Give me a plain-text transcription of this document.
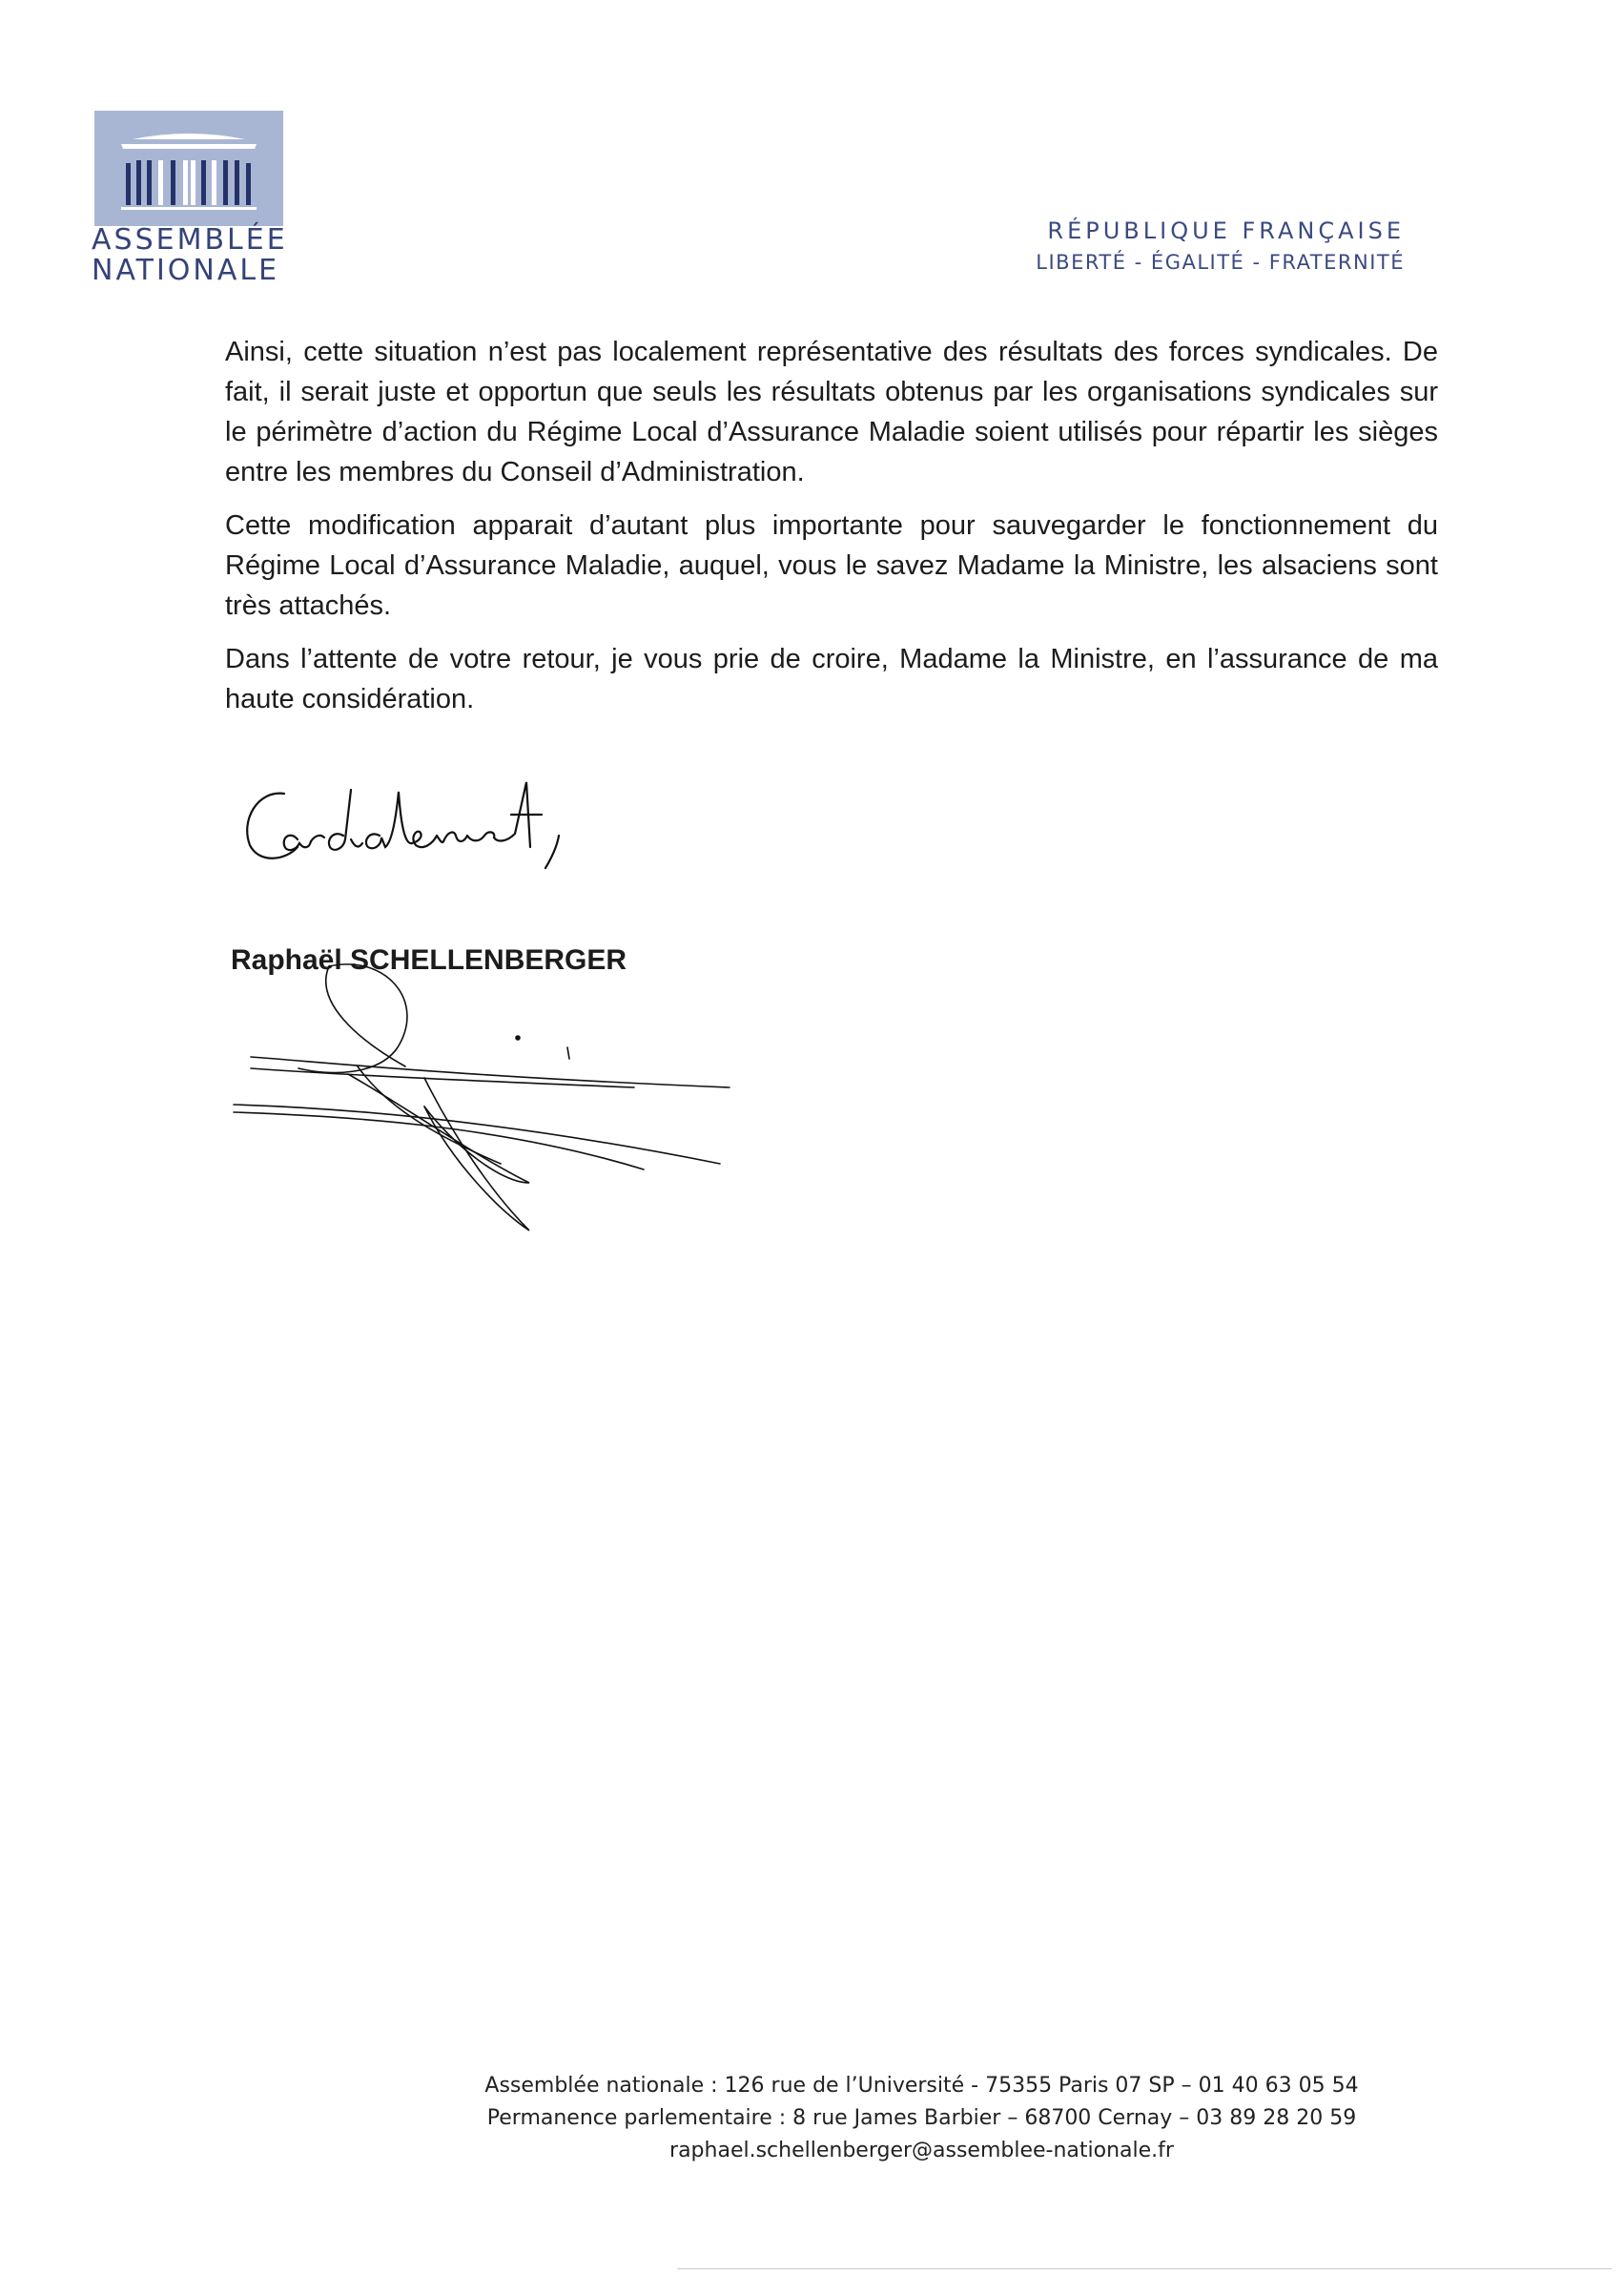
ASSEMBLÉE
NATIONALE
RÉPUBLIQUE FRANÇAISE
LIBERTÉ - ÉGALITÉ - FRATERNITÉ

Ainsi, cette situation n’est pas localement représentative des résultats des forces syndicales. De fait, il serait juste et opportun que seuls les résultats obtenus par les organisations syndicales sur le périmètre d’action du Régime Local d’Assurance Maladie soient utilisés pour répartir les sièges entre les membres du Conseil d’Administration.

Cette modification apparait d’autant plus importante pour sauvegarder le fonctionnement du Régime Local d’Assurance Maladie, auquel, vous le savez Madame la Ministre, les alsaciens sont très attachés.

Dans l’attente de votre retour, je vous prie de croire, Madame la Ministre, en l’assurance de ma haute considération.

Raphaël SCHELLENBERGER
Assemblée nationale : 126 rue de l’Université - 75355 Paris 07 SP – 01 40 63 05 54
Permanence parlementaire : 8 rue James Barbier – 68700 Cernay – 03 89 28 20 59
raphael.schellenberger@assemblee-nationale.fr
